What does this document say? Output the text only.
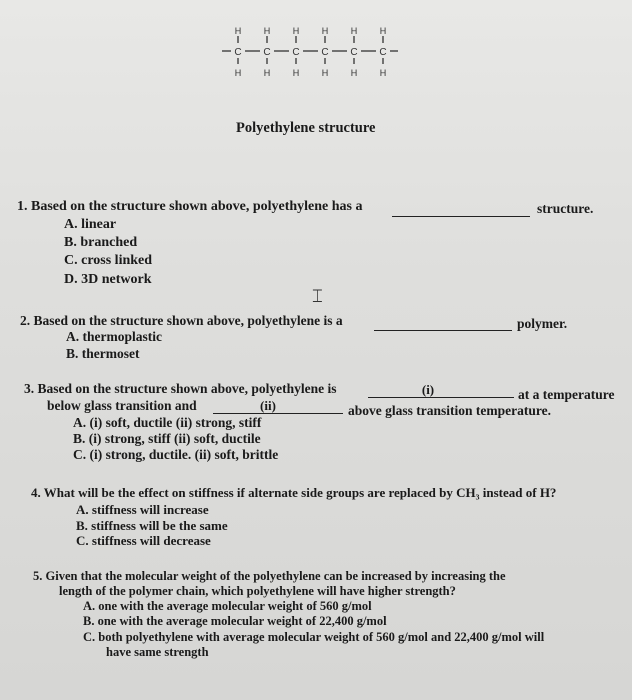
H
C
H
H
C
H
H
C
H
H
C
H
H
C
H
H
C
H
Polyethylene structure
1. Based on the structure shown above, polyethylene has a	structure.
A. linear
B. branched
C. cross linked
D. 3D network
⌶
2. Based on the structure shown above, polyethylene is a	polymer.
A. thermoplastic
B. thermoset
3. Based on the structure shown above, polyethylene is	(i)	at a temperature
below glass transition and	(ii)	above glass transition temperature.
A. (i) soft, ductile (ii) strong, stiff
B. (i) strong, stiff (ii) soft, ductile
C. (i) strong, ductile. (ii) soft, brittle
4. What will be the effect on stiffness if alternate side groups are replaced by CH₃ instead of H?
A. stiffness will increase
B. stiffness will be the same
C. stiffness will decrease
5. Given that the molecular weight of the polyethylene can be increased by increasing the
length of the polymer chain, which polyethylene will have higher strength?
A. one with the average molecular weight of 560 g/mol
B. one with the average molecular weight of 22,400 g/mol
C. both polyethylene with average molecular weight of 560 g/mol and 22,400 g/mol will
have same strength
